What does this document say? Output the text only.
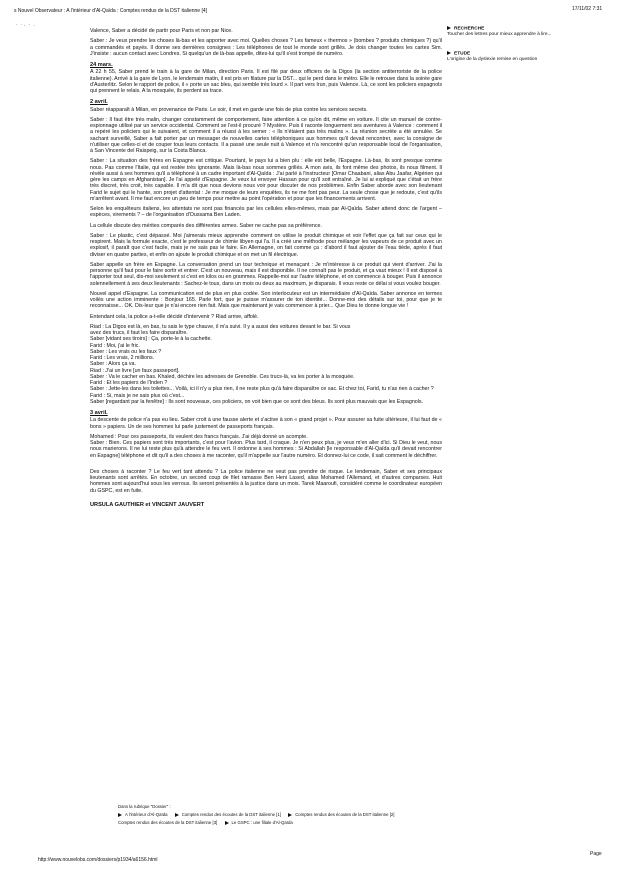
s Nouvel Observateur : A l'intérieur d'Al-Qaïda : Comptes rendus de la DST italienne [4]	17/11/02 7:31
· ·. · .
RECHERCHE
Toucher des lettres pour mieux apprendre à lire...
ETUDE
L'origine de la dyslexie remise en question

Valence, Saber a décidé de partir pour Paris et non par Nice.

Saber : Je veux prendre les choses là-bas et les apporter avec moi. Quelles choses ? Les fameux « thermos » (bombes ? produits chimiques ?) qu'il a commandés et payés. Il donne ses dernières consignes : Les téléphones de tout le monde sont grillés. Je dois changer toutes les cartes Sim. J'insiste : aucun contact avec Londres. Si quelqu'un de là-bas appelle, dites-lui qu'il s'est trompé de numéro.

24 mars.

A 22 h 55, Saber prend le train à la gare de Milan, direction Paris. Il est filé par deux officiers de la Digos (la section antiterroriste de la police italienne). Arrivé à la gare de Lyon, le lendemain matin, il est pris en filature par la DST... qui le perd dans le métro. Elle le retrouve dans la soirée gare d'Austerlitz. Selon le rapport de police, il « porte un sac bleu, qui semble très lourd ». Il part vers Irun, puis Valence. Là, ce sont les policiers espagnols qui prennent le relais. A la mosquée, ils perdent sa trace.

2 avril.

Saber réapparaît à Milan, en provenance de Paris. Le soir, il met en garde une fois de plus contre les services secrets.

Saber : Il faut être très malin, changer constamment de comportement, faire attention à ce qu'on dit, même en voiture. Il cite un manuel de contre-espionnage utilisé par un service occidental. Comment se l'est-il procuré ? Mystère. Puis il raconte longuement ses aventures à Valence : comment il a repéré les policiers qui le suivaient, et comment il a réussi à les semer : « Ils n'étaient pas très malins ». La réunion secrète a été annulée. Se sachant surveillé, Saber a fait porter par un messager de nouvelles cartes téléphoniques aux hommes qu'il devait rencontrer, avec la consigne de n'utiliser que celles-ci et de couper tous leurs contacts. Il a passé une seule nuit à Valence et n'a rencontré qu'un responsable local de l'organisation, à San Vincente del Raispeig, sur la Costa Blanca.

Saber : La situation des frères en Espagne est critique. Pourtant, le pays lui a bien plu : elle est belle, l'Espagne. Là-bas, ils sont presque comme nous. Pas comme l'Italie, qui est restée très ignorante. Mais là-bas nous sommes grillés. A mon avis, ils font même des photos, ils nous filment. Il révèle aussi à ses hommes qu'il a téléphoné à un cadre important d'Al-Qaïda : J'ai parlé à l'instructeur [Omar Chaabani, alias Abu Jaafar, Algérien qui gère les camps en Afghanistan]. Je l'ai appelé d'Espagne. Je veux lui envoyer Hassan pour qu'il soit entraîné. Je lui ai expliqué que c'était un frère très discret, très croit, très capable. Il m'a dit que nous devions nous voir pour discuter de nos problèmes. Enfin Saber aborde avec son lieutenant Farid le sujet qui le hante, son projet d'attentat : Je me moque de leurs enquêtes, ils ne me font pas peur. La seule chose que je redoute, c'est qu'ils m'arrêtent avant. Il me faut encore un peu de temps pour mettre au point l'opération et pour que les financements arrivent.

Selon les enquêteurs italiens, les attentats ne sont pas financés par les cellules elles-mêmes, mais par Al-Qaïda. Saber attend donc de l'argent – espèces, virements ? – de l'organisation d'Oussama Ben Laden.

La cellule discute des mérites comparés des différentes armes. Saber ne cache pas sa préférence.

Saber : Le plastic, c'est dépassé. Moi j'aimerais mieux apprendre comment on utilise le produit chimique et voir l'effet que ça fait sur ceux qui le respirent. Mais la formule exacte, c'est le professeur de chimie libyen qui l'a. Il a créé une méthode pour mélanger les vapeurs de ce produit avec un explosif, il paraît que c'est facile, mais je ne sais pas le faire. En Allemagne, on fait comme ça : d'abord il faut ajouter de l'eau tiède, après il faut diviser en quatre parties, et enfin on ajoute le produit chimique et on met un fil électrique.

Saber appelle un frère en Espagne. La conversation prend un tour technique et menaçant : Je m'intéresse à ce produit qui vient d'arriver. J'ai la personne qu'il faut pour le faire sortir et entrer. C'est un nouveau, mais il est disponible. Il ne connaît pas le produit, et ça vaut mieux ! Il est disposé à l'apporter tout seul, dis-moi seulement si c'est en kilos ou en grammes. Rappelle-moi sur l'autre téléphone, et on commence à bouger. Puis il annonce solennellement à ses deux lieutenants : Sachez-le tous, dans un mois ou deux au maximum, je disparais. Il vous reste ce délai si vous voulez bouger.

Nouvel appel d'Espagne. La communication est de plus en plus codée. Son interlocuteur est un intermédiaire d'Al-Qaïda. Saber annonce en termes voilés une action imminente : Bonjour 165. Parle fort, que je puisse m'assurer de ton identité... Donne-moi des détails sur toi, pour que je te reconnaisse... OK. Dis-leur que je n'ai encore rien fait. Mais que maintenant je vais commencer à prier... Que Dieu te donne longue vie !

Entendant cela, la police a-t-elle décidé d'intervenir ? Riad arrive, affolé.

Riad : La Digos est là, en bas, tu sais le type chauve, il m'a suivi. Il y a aussi des voitures devant le bar. Si vous
avez des trucs, il faut les faire disparaître.
Saber [vidant ses tiroirs] : Ça, porte-le à la cachette.
Farid : Moi, j'ai le fric.
Saber : Les vrais ou les faux ?
Farid : Les vrais, 2 millions.
Saber : Alors ça va.
Riad : J'ai un livre [un faux passeport].
Saber : Va le cacher en bas. Khaled, déchire les adresses de Grenoble. Ces trucs-là, va les porter à la mosquée.
Farid : Et les papiers de l'Inden ?
Saber : Jette-les dans les toilettes... Voilà, ici il n'y a plus rien, il ne reste plus qu'à faire disparaître ce sac. Et chez toi, Farid, tu n'as rien à cacher ?
Farid : Si, mais je ne sais plus où c'est...
Saber [regardant par la fenêtre] : Ils sont nouveaux, ces policiers, on voit bien que ce sont des bleus. Ils sont plus mauvais que les Espagnols.
3 avril.

La descente de police n'a pas eu lieu. Saber croit à une fausse alerte et s'active à son « grand projet ». Pour assurer sa fuite ultérieure, il lui faut de « bons » papiers. Un de ses hommes lui parle justement de passeports français.

Mohamed : Pour ces passeports, ils veulent des francs français. J'ai déjà donné un acompte.

Saber : Bien. Ces papiers sont très importants, c'est pour l'avion. Plus tard, il craque. Je n'en peux plus, je veux m'en aller d'ici. Si Dieu le veut, nous nous marierons. Il ne lui reste plus qu'à attendre le feu vert. Il ordonne à ses hommes : Si Abdallah [le responsable d'Al-Qaïda qu'il devait rencontrer en Espagne] téléphone et dit qu'il a des choses à me raconter, qu'il m'appelle sur l'autre numéro. Et donnez-lui ce code, il sait comment le déchiffrer.

Des choses à raconter ? Le feu vert tant attendu ? La police italienne ne veut pas prendre de risque. Le lendemain, Saber et ses principaux lieutenants sont arrêtés. En octobre, un second coup de filet ramasse Ben Heni Lased, alias Mohamed l'Allemand, et d'autres comparses. Huit hommes sont aujourd'hui sous les verrous. Ils seront présentés à la justice dans un mois. Tarek Maaroufi, considéré comme le coordinateur européen du GSPC, est en fuite.

URSULA GAUTHIER et VINCENT JAUVERT
Dans la rubrique "Dossier" :
A l'intérieur d'Al-Qaïda	Comptes rendus des écoutes de la DST italienne [1]	Comptes rendus des écoutes de la DST italienne [2]
Comptes rendus des écoutes de la DST italienne [3]	Le GSPC : une filiale d'Al-Qaïda
http://www.nouvelobs.com/dossiers/p1934/a6156.html
Page
